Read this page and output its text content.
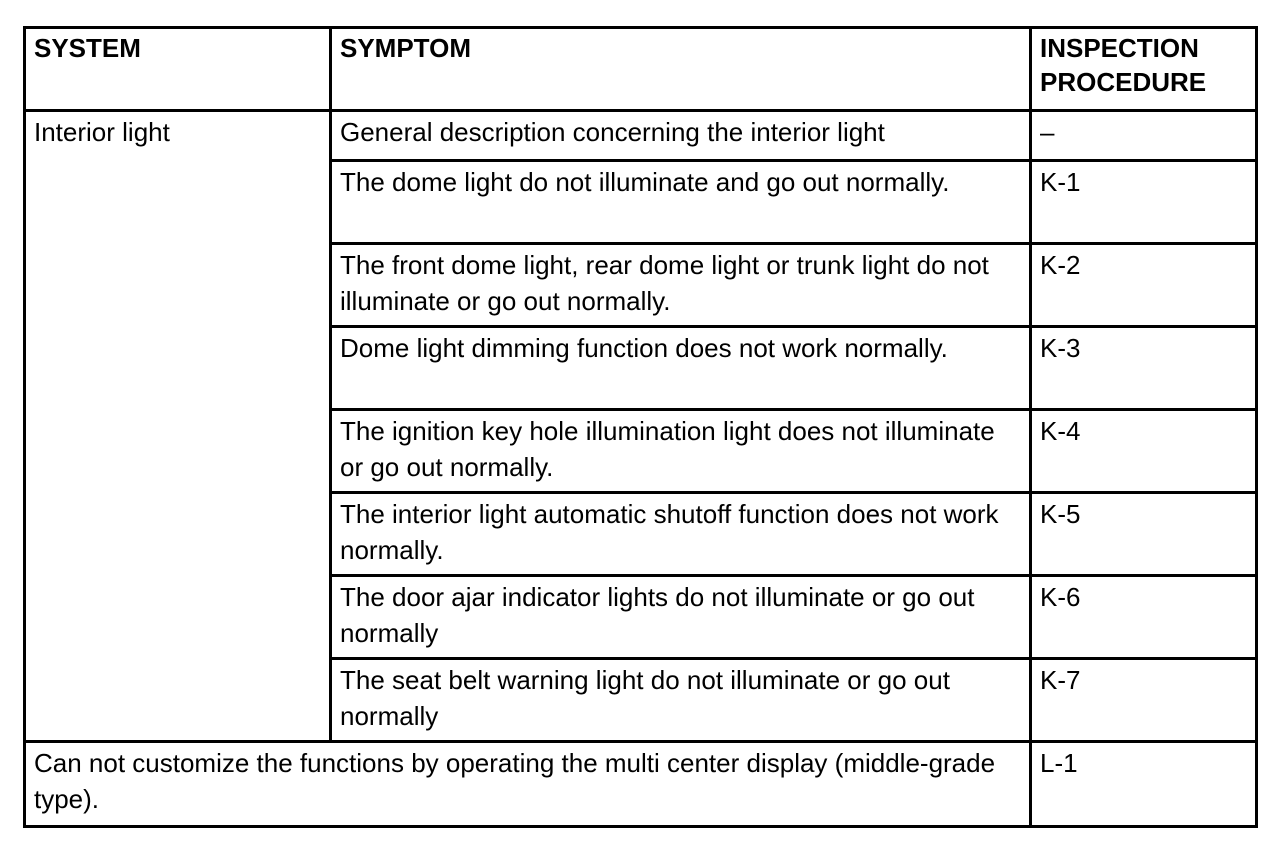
SYSTEM	SYMPTOM	INSPECTION PROCEDURE
Interior light	General description concerning the interior light	–
	The dome light do not illuminate and go out normally.	K-1
	The front dome light, rear dome light or trunk light do not illuminate or go out normally.	K-2
	Dome light dimming function does not work normally.	K-3
	The ignition key hole illumination light does not illuminate or go out normally.	K-4
	The interior light automatic shutoff function does not work normally.	K-5
	The door ajar indicator lights do not illuminate or go out normally	K-6
	The seat belt warning light do not illuminate or go out normally	K-7
Can not customize the functions by operating the multi center display (middle-grade type).		L-1
